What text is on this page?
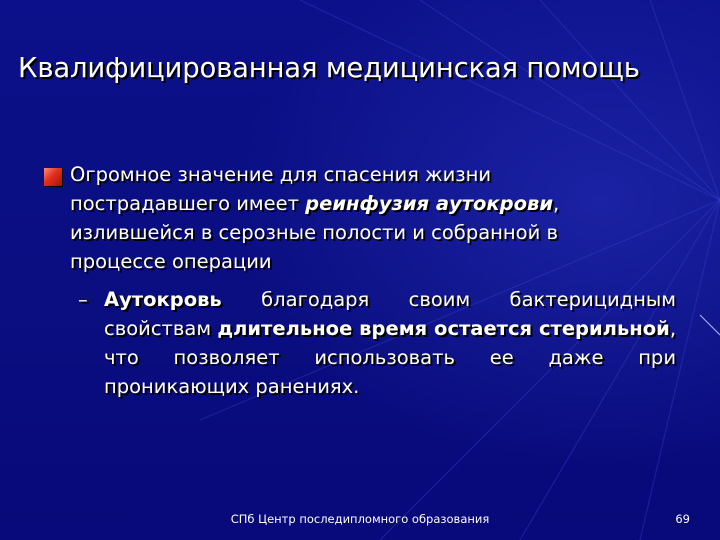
Квалифицированная медицинская помощь
Огромное значение для спасения жизни пострадавшего имеет реинфузия аутокрови, излившейся в серозные полости и собранной в процессе операции
– Аутокровь благодаря своим бактерицидным свойствам длительное время остается стерильной, что позволяет использовать ее даже при проникающих ранениях.
СПб Центр последипломного образования	69
